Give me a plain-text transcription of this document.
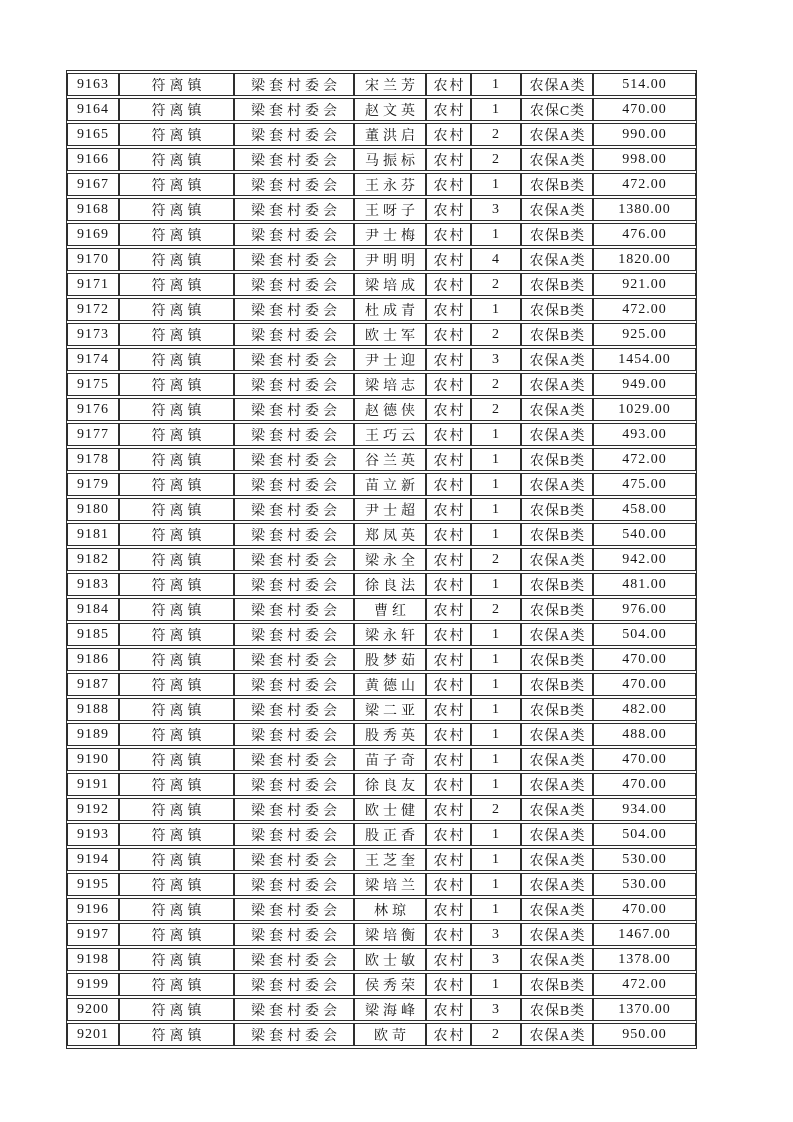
9163	符离镇	梁套村委会	宋兰芳	农村	1	农保A类	514.00
9164	符离镇	梁套村委会	赵文英	农村	1	农保C类	470.00
9165	符离镇	梁套村委会	董洪启	农村	2	农保A类	990.00
9166	符离镇	梁套村委会	马振标	农村	2	农保A类	998.00
9167	符离镇	梁套村委会	王永芬	农村	1	农保B类	472.00
9168	符离镇	梁套村委会	王呀子	农村	3	农保A类	1380.00
9169	符离镇	梁套村委会	尹士梅	农村	1	农保B类	476.00
9170	符离镇	梁套村委会	尹明明	农村	4	农保A类	1820.00
9171	符离镇	梁套村委会	梁培成	农村	2	农保B类	921.00
9172	符离镇	梁套村委会	杜成青	农村	1	农保B类	472.00
9173	符离镇	梁套村委会	欧士军	农村	2	农保B类	925.00
9174	符离镇	梁套村委会	尹士迎	农村	3	农保A类	1454.00
9175	符离镇	梁套村委会	梁培志	农村	2	农保A类	949.00
9176	符离镇	梁套村委会	赵德侠	农村	2	农保A类	1029.00
9177	符离镇	梁套村委会	王巧云	农村	1	农保A类	493.00
9178	符离镇	梁套村委会	谷兰英	农村	1	农保B类	472.00
9179	符离镇	梁套村委会	苗立新	农村	1	农保A类	475.00
9180	符离镇	梁套村委会	尹士超	农村	1	农保B类	458.00
9181	符离镇	梁套村委会	郑凤英	农村	1	农保B类	540.00
9182	符离镇	梁套村委会	梁永全	农村	2	农保A类	942.00
9183	符离镇	梁套村委会	徐良法	农村	1	农保B类	481.00
9184	符离镇	梁套村委会	曹红	农村	2	农保B类	976.00
9185	符离镇	梁套村委会	梁永轩	农村	1	农保A类	504.00
9186	符离镇	梁套村委会	股梦茹	农村	1	农保B类	470.00
9187	符离镇	梁套村委会	黄德山	农村	1	农保B类	470.00
9188	符离镇	梁套村委会	梁二亚	农村	1	农保B类	482.00
9189	符离镇	梁套村委会	股秀英	农村	1	农保A类	488.00
9190	符离镇	梁套村委会	苗子奇	农村	1	农保A类	470.00
9191	符离镇	梁套村委会	徐良友	农村	1	农保A类	470.00
9192	符离镇	梁套村委会	欧士健	农村	2	农保A类	934.00
9193	符离镇	梁套村委会	股正香	农村	1	农保A类	504.00
9194	符离镇	梁套村委会	王芝奎	农村	1	农保A类	530.00
9195	符离镇	梁套村委会	梁培兰	农村	1	农保A类	530.00
9196	符离镇	梁套村委会	林琼	农村	1	农保A类	470.00
9197	符离镇	梁套村委会	梁培衡	农村	3	农保A类	1467.00
9198	符离镇	梁套村委会	欧士敏	农村	3	农保A类	1378.00
9199	符离镇	梁套村委会	侯秀荣	农村	1	农保B类	472.00
9200	符离镇	梁套村委会	梁海峰	农村	3	农保B类	1370.00
9201	符离镇	梁套村委会	欧苛	农村	2	农保A类	950.00
